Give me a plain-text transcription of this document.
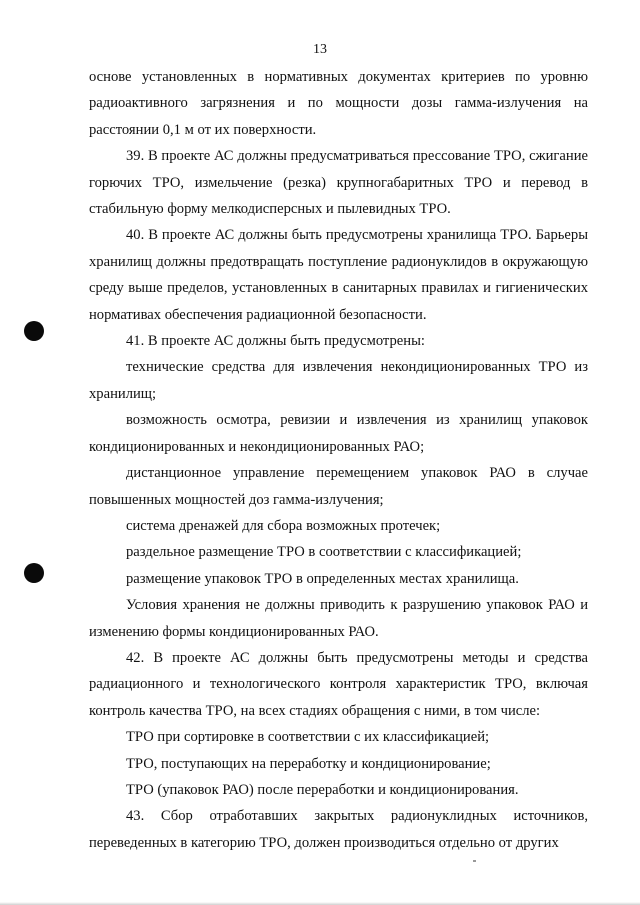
13

основе установленных в нормативных документах критериев по уровню радиоактивного загрязнения и по мощности дозы гамма-излучения на расстоянии 0,1 м от их поверхности.

39. В проекте АС должны предусматриваться прессование ТРО, сжигание горючих ТРО, измельчение (резка) крупногабаритных ТРО и перевод в стабильную форму мелкодисперсных и пылевидных ТРО.

40. В проекте АС должны быть предусмотрены хранилища ТРО. Барьеры хранилищ должны предотвращать поступление радионуклидов в окружающую среду выше пределов, установленных в санитарных правилах и гигиенических нормативах обеспечения радиационной безопасности.

41. В проекте АС должны быть предусмотрены:

технические средства для извлечения некондиционированных ТРО из хранилищ;

возможность осмотра, ревизии и извлечения из хранилищ упаковок кондиционированных и некондиционированных РАО;

дистанционное управление перемещением упаковок РАО в случае повышенных мощностей доз гамма-излучения;

система дренажей для сбора возможных протечек;

раздельное размещение ТРО в соответствии с классификацией;

размещение упаковок ТРО в определенных местах хранилища.

Условия хранения не должны приводить к разрушению упаковок РАО и изменению формы кондиционированных РАО.

42. В проекте АС должны быть предусмотрены методы и средства радиационного и технологического контроля характеристик ТРО, включая контроль качества ТРО, на всех стадиях обращения с ними, в том числе:

ТРО при сортировке в соответствии с их классификацией;

ТРО, поступающих на переработку и кондиционирование;

ТРО (упаковок РАО) после переработки и кондиционирования.

43. Сбор отработавших закрытых радионуклидных источников, переведенных в категорию ТРО, должен производиться отдельно от других
